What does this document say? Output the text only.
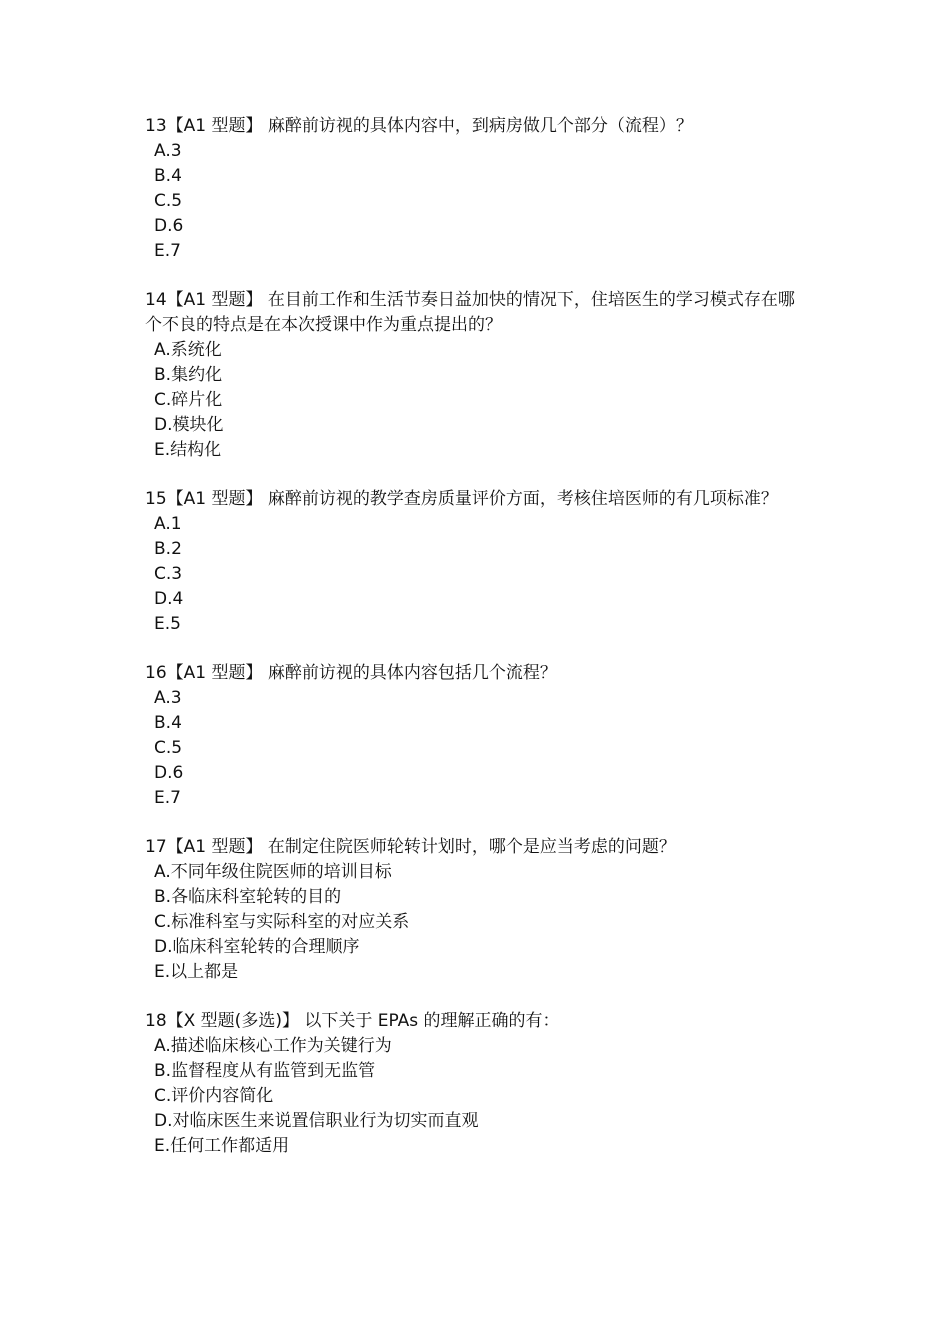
13【A1 型题】 麻醉前访视的具体内容中，到病房做几个部分（流程）？

A.3
B.4
C.5
D.6
E.7

14【A1 型题】 在目前工作和生活节奏日益加快的情况下，住培医生的学习模式存在哪个不良的特点是在本次授课中作为重点提出的？

A.系统化
B.集约化
C.碎片化
D.模块化
E.结构化

15【A1 型题】 麻醉前访视的教学查房质量评价方面，考核住培医师的有几项标准？

A.1
B.2
C.3
D.4
E.5

16【A1 型题】 麻醉前访视的具体内容包括几个流程？

A.3
B.4
C.5
D.6
E.7

17【A1 型题】 在制定住院医师轮转计划时，哪个是应当考虑的问题？

A.不同年级住院医师的培训目标
B.各临床科室轮转的目的
C.标准科室与实际科室的对应关系
D.临床科室轮转的合理顺序
E.以上都是

18【X 型题(多选)】 以下关于 EPAs 的理解正确的有：

A.描述临床核心工作为关键行为
B.监督程度从有监管到无监管
C.评价内容简化
D.对临床医生来说置信职业行为切实而直观
E.任何工作都适用
